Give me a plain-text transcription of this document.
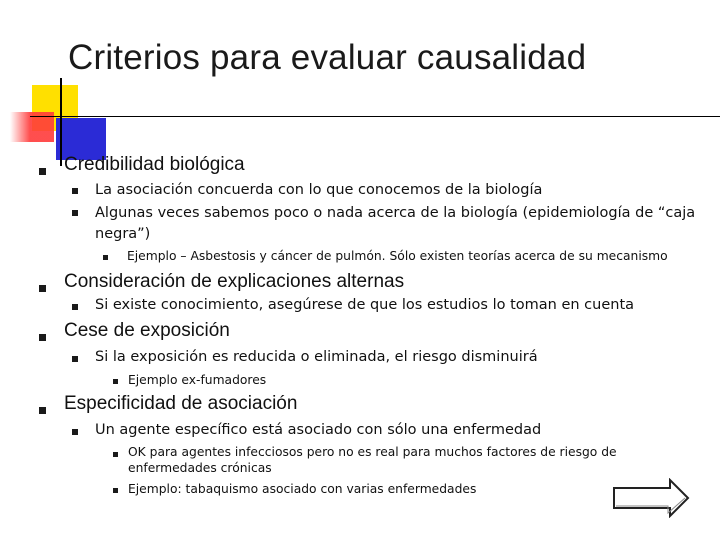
Criterios para evaluar causalidad
Credibilidad biológica
La asociación concuerda con lo que conocemos de la biología
Algunas veces sabemos poco o nada acerca de la biología (epidemiología de “caja
negra”)
Ejemplo – Asbestosis y cáncer de pulmón. Sólo existen teorías acerca de su mecanismo
Consideración de explicaciones alternas
Si existe conocimiento, asegúrese de que los estudios lo toman en cuenta
Cese de exposición
Si la exposición es reducida o eliminada, el riesgo disminuirá
Ejemplo ex-fumadores
Especificidad de asociación
Un agente específico está asociado con sólo una enfermedad
OK para agentes infecciosos pero no es real para muchos factores de riesgo de
enfermedades crónicas
Ejemplo: tabaquismo asociado con varias enfermedades
